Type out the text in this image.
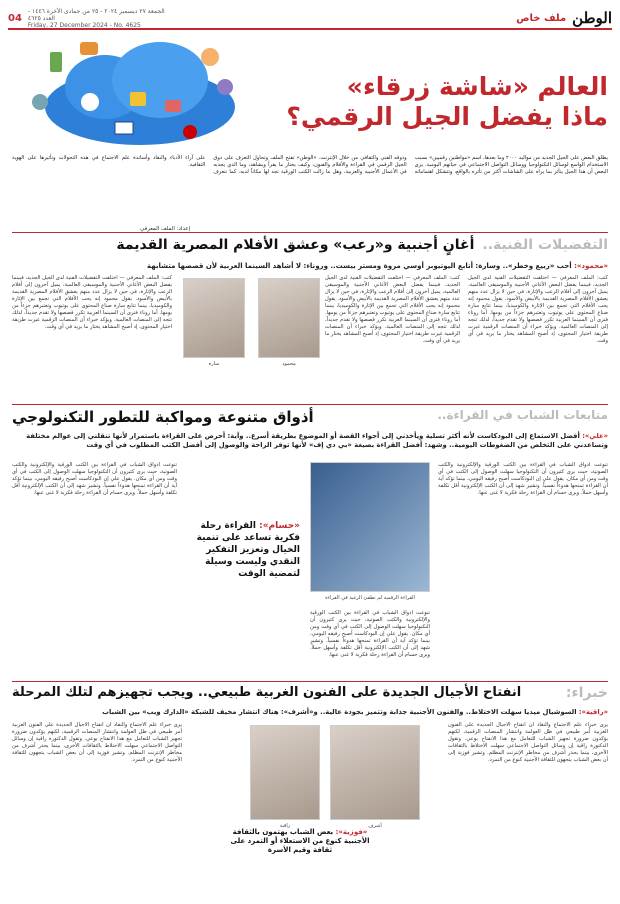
الوطن
ملف خاص
الجمعة ٢٧ ديسمبر ٢٠٢٤ - ٢٥ من جمادى الآخرة ١٤٤٦ - العدد ٤٦٢٥
Friday, 27 December 2024 - No. 4625
04
العالم «شاشة زرقاء»
ماذا يفضل الجيل الرقمي؟
يطلق البعض على الجيل الجديد من مواليد ٢٠٠٠ وما بعدها، اسم «مواطنين رقميين» بسبب الاستخدام الواسع لوسائل التكنولوجيا ووسائل التواصل الاجتماعي في حياتهم اليومية. يرى البعض أن هذا الجيل يتأثر بما يراه على الشاشات أكثر من تأثره بالواقع، وتتشكل اهتماماته وذوقه الفني والثقافي من خلال الإنترنت. «الوطن» تفتح الملف وتحاول التعرف على ذوق الجيل الرقمي في القراءة والأفلام والفنون، وكيف يختار ما يقرأ ويشاهد، وما الذي يجذبه في الأعمال الأجنبية والعربية، وهل ما زالت الكتب الورقية تجد لها مكاناً لديه. كما نتعرف على آراء الأدباء والنقاد وأساتذة علم الاجتماع في هذه التحولات وتأثيرها على الهوية الثقافية.
إعداد: الملف المعرفي
التفضيلات الفنية..
أغانٍ أجنبية و«رعب» وعشق الأفلام المصرية القديمة
«محمود»: أحب «ربيع وخطر».. وسارة: أتابع اليوتيوبر أوسي مروة ومستر بيست.. وروناء: لا أشاهد السينما العربية لأن قصصها متشابهة
كتب: الملف المعرفي — اختلفت التفضيلات الفنية لدى الجيل الجديد، فبينما يفضل البعض الأغاني الأجنبية والموسيقى العالمية، يميل آخرون إلى أفلام الرعب والإثارة، في حين لا يزال عدد منهم يعشق الأفلام المصرية القديمة بالأبيض والأسود. يقول محمود إنه يحب الأفلام التي تجمع بين الإثارة والكوميديا، بينما تتابع سارة صناع المحتوى على يوتيوب وتعتبرهم جزءاً من يومها. أما روناء فترى أن السينما العربية تكرر قصصها ولا تقدم جديداً، لذلك تتجه إلى المنصات العالمية. ويؤكد خبراء أن المنصات الرقمية غيرت طريقة اختيار المحتوى، إذ أصبح المشاهد يختار ما يريد في أي وقت.
محمود
سارة
كتب: الملف المعرفي — اختلفت التفضيلات الفنية لدى الجيل الجديد، فبينما يفضل البعض الأغاني الأجنبية والموسيقى العالمية، يميل آخرون إلى أفلام الرعب والإثارة، في حين لا يزال عدد منهم يعشق الأفلام المصرية القديمة بالأبيض والأسود. يقول محمود إنه يحب الأفلام التي تجمع بين الإثارة والكوميديا، بينما تتابع سارة صناع المحتوى على يوتيوب وتعتبرهم جزءاً من يومها. أما روناء فترى أن السينما العربية تكرر قصصها ولا تقدم جديداً، لذلك تتجه إلى المنصات العالمية. ويؤكد خبراء أن المنصات الرقمية غيرت طريقة اختيار المحتوى، إذ أصبح المشاهد يختار ما يريد في أي وقت.
كتب: الملف المعرفي — اختلفت التفضيلات الفنية لدى الجيل الجديد، فبينما يفضل البعض الأغاني الأجنبية والموسيقى العالمية، يميل آخرون إلى أفلام الرعب والإثارة، في حين لا يزال عدد منهم يعشق الأفلام المصرية القديمة بالأبيض والأسود. يقول محمود إنه يحب الأفلام التي تجمع بين الإثارة والكوميديا، بينما تتابع سارة صناع المحتوى على يوتيوب وتعتبرهم جزءاً من يومها. أما روناء فترى أن السينما العربية تكرر قصصها ولا تقدم جديداً، لذلك تتجه إلى المنصات العالمية. ويؤكد خبراء أن المنصات الرقمية غيرت طريقة اختيار المحتوى، إذ أصبح المشاهد يختار ما يريد في أي وقت.
متابعات الشباب في القراءة..
أذواق متنوعة ومواكبة للتطور التكنولوجي
«علي»: أفضل الاستماع إلى البودكاست لأنه أكثر تسلية ويأخذني إلى أجواء القصة أو الموضوع بطريقة أسرع.. وآية: أحرص على القراءة باستمرار لأنها تنقلني إلى عوالم مختلفة وتساعدني على التخلص من الضغوطات اليومية.. وشهد: أفضل القراءة بصيغة «بي دي إف» لأنها توفر الراحة والوصول إلى أفضل الكتب المطلوب في أي وقت
تنوعت أذواق الشباب في القراءة بين الكتب الورقية والإلكترونية والكتب الصوتية، حيث يرى كثيرون أن التكنولوجيا سهلت الوصول إلى الكتب في أي وقت ومن أي مكان. يقول علي إن البودكاست أصبح رفيقه اليومي، بينما تؤكد آية أن القراءة تمنحها هدوءاً نفسياً. وتشير شهد إلى أن الكتب الإلكترونية أقل تكلفة وأسهل حملاً. ويرى حسام أن القراءة رحلة فكرية لا غنى عنها.
القراءة الرقمية لم تطفئ الرغبة في القراءة
«حسام»: القراءة رحلة فكرية تساعد على تنمية الخيال وتعزيز التفكير النقدي وليست وسيلة لتمضية الوقت
تنوعت أذواق الشباب في القراءة بين الكتب الورقية والإلكترونية والكتب الصوتية، حيث يرى كثيرون أن التكنولوجيا سهلت الوصول إلى الكتب في أي وقت ومن أي مكان. يقول علي إن البودكاست أصبح رفيقه اليومي، بينما تؤكد آية أن القراءة تمنحها هدوءاً نفسياً. وتشير شهد إلى أن الكتب الإلكترونية أقل تكلفة وأسهل حملاً. ويرى حسام أن القراءة رحلة فكرية لا غنى عنها.
تنوعت أذواق الشباب في القراءة بين الكتب الورقية والإلكترونية والكتب الصوتية، حيث يرى كثيرون أن التكنولوجيا سهلت الوصول إلى الكتب في أي وقت ومن أي مكان. يقول علي إن البودكاست أصبح رفيقه اليومي، بينما تؤكد آية أن القراءة تمنحها هدوءاً نفسياً. وتشير شهد إلى أن الكتب الإلكترونية أقل تكلفة وأسهل حملاً. ويرى حسام أن القراءة رحلة فكرية لا غنى عنها.
خبراء:
انفتاح الأجيال الجديدة على الفنون الغربية طبيعي.. ويجب تجهيزهم لتلك المرحلة
«راقية»: السوشيال ميديا سهلت الاختلاط.. والفنون الأجنبية جذابة وتتميز بجودة عالية.. و«أشرف»: هناك انتشار مخيف للشبكة «الدارك ويب» بين الشباب
يرى خبراء علم الاجتماع والنقاد أن انفتاح الأجيال الجديدة على الفنون الغربية أمر طبيعي في ظل العولمة وانتشار المنصات الرقمية، لكنهم يؤكدون ضرورة تجهيز الشباب للتعامل مع هذا الانفتاح بوعي. وتقول الدكتورة راقية إن وسائل التواصل الاجتماعي سهلت الاختلاط بالثقافات الأخرى، بينما يحذر أشرف من مخاطر الإنترنت المظلم. وتشير فوزية إلى أن بعض الشباب يتجهون للثقافة الأجنبية كنوع من التمرد.
راقية	أشرف
«فوزية»: بعض الشباب يهتمون بالثقافة الأجنبية كنوع من الاستعلاء أو التمرد على ثقافة وقيم الأسرة
يرى خبراء علم الاجتماع والنقاد أن انفتاح الأجيال الجديدة على الفنون الغربية أمر طبيعي في ظل العولمة وانتشار المنصات الرقمية، لكنهم يؤكدون ضرورة تجهيز الشباب للتعامل مع هذا الانفتاح بوعي. وتقول الدكتورة راقية إن وسائل التواصل الاجتماعي سهلت الاختلاط بالثقافات الأخرى، بينما يحذر أشرف من مخاطر الإنترنت المظلم. وتشير فوزية إلى أن بعض الشباب يتجهون للثقافة الأجنبية كنوع من التمرد.
